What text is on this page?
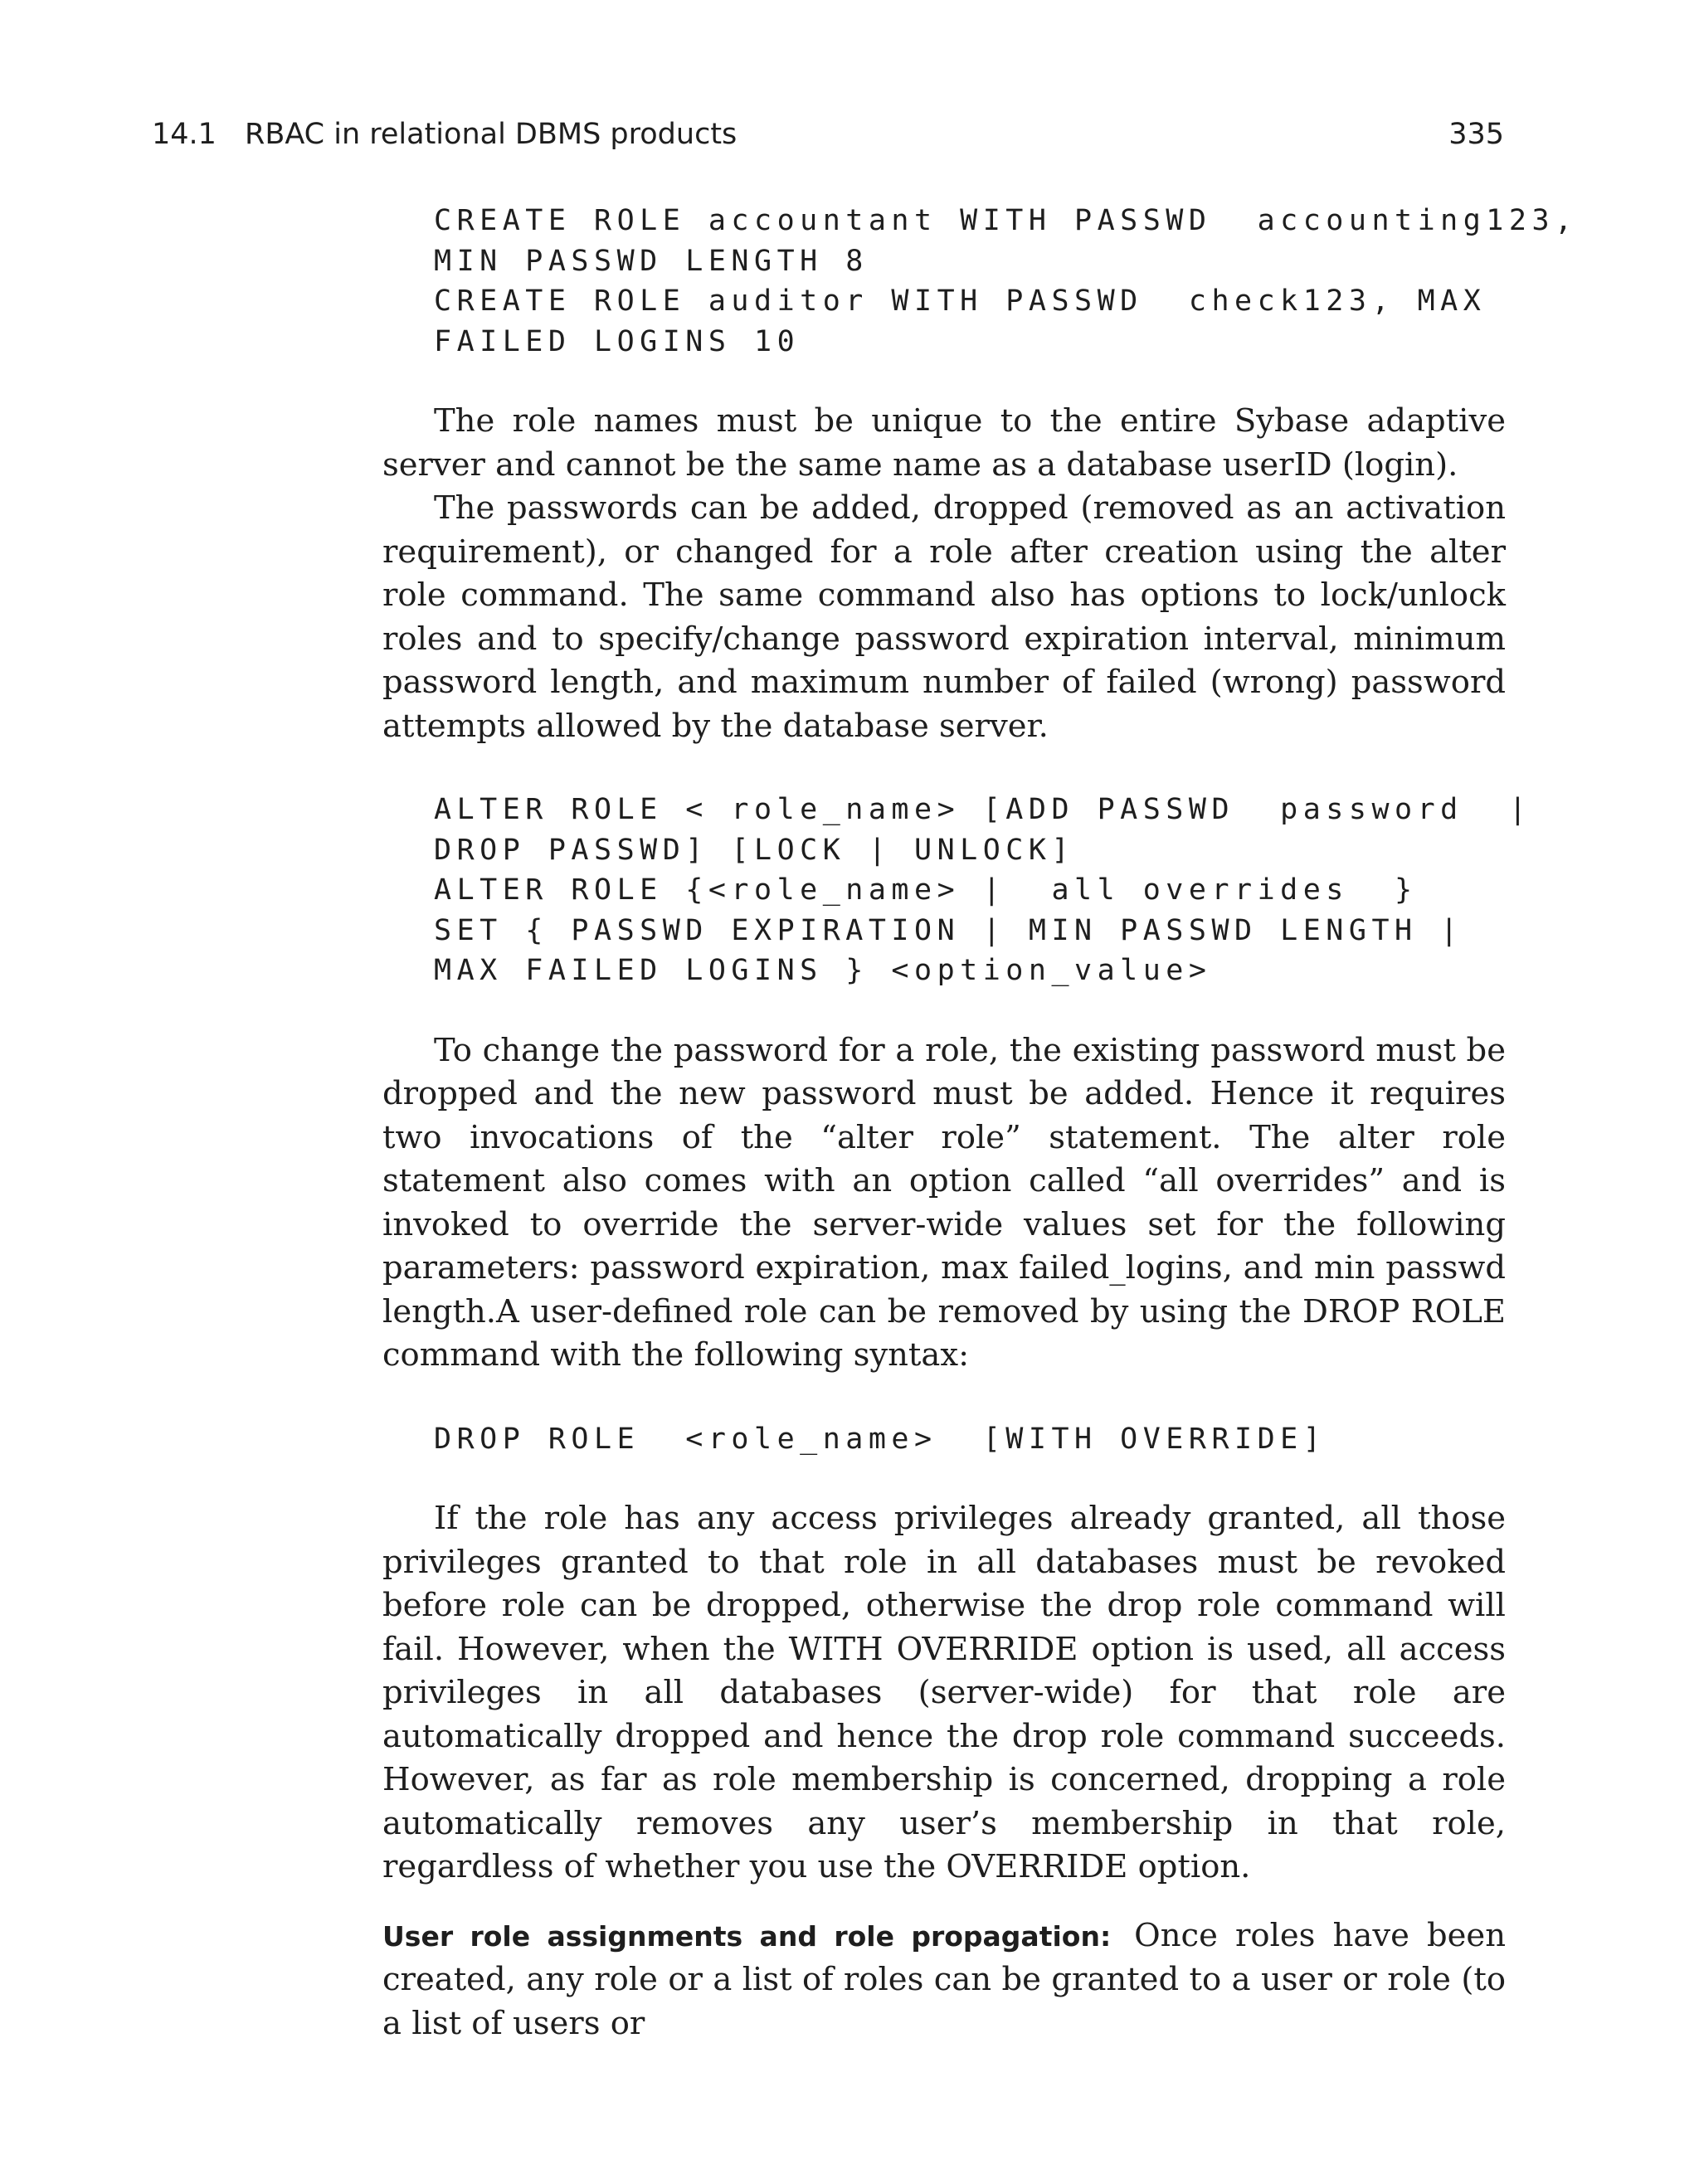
14.1 RBAC in relational DBMS products	335
CREATE ROLE accountant WITH PASSWD  accounting123,
MIN PASSWD LENGTH 8
CREATE ROLE auditor WITH PASSWD  check123, MAX
FAILED LOGINS 10

The role names must be unique to the entire Sybase adaptive server and cannot be the same name as a database userID (login).

The passwords can be added, dropped (removed as an activation requirement), or changed for a role after creation using the alter role command. The same command also has options to lock/unlock roles and to specify/change password expiration interval, minimum password length, and maximum number of failed (wrong) password attempts allowed by the database server.

ALTER ROLE < role_name> [ADD PASSWD  password  |
DROP PASSWD] [LOCK | UNLOCK]
ALTER ROLE {<role_name> |  all overrides  }
SET { PASSWD EXPIRATION | MIN PASSWD LENGTH |
MAX FAILED LOGINS } <option_value>

To change the password for a role, the existing password must be dropped and the new password must be added. Hence it requires two invocations of the “alter role” statement. The alter role statement also comes with an option called “all overrides” and is invoked to override the server-wide values set for the following parameters: password expiration, max failed_logins, and min passwd length.A user-defined role can be removed by using the DROP ROLE command with the following syntax:

DROP ROLE  <role_name>  [WITH OVERRIDE]

If the role has any access privileges already granted, all those privileges granted to that role in all databases must be revoked before role can be dropped, otherwise the drop role command will fail. However, when the WITH OVERRIDE option is used, all access privileges in all databases (server-wide) for that role are automatically dropped and hence the drop role command succeeds. However, as far as role membership is concerned, dropping a role automatically removes any user’s membership in that role, regardless of whether you use the OVERRIDE option.

User role assignments and role propagation: Once roles have been created, any role or a list of roles can be granted to a user or role (to a list of users or
